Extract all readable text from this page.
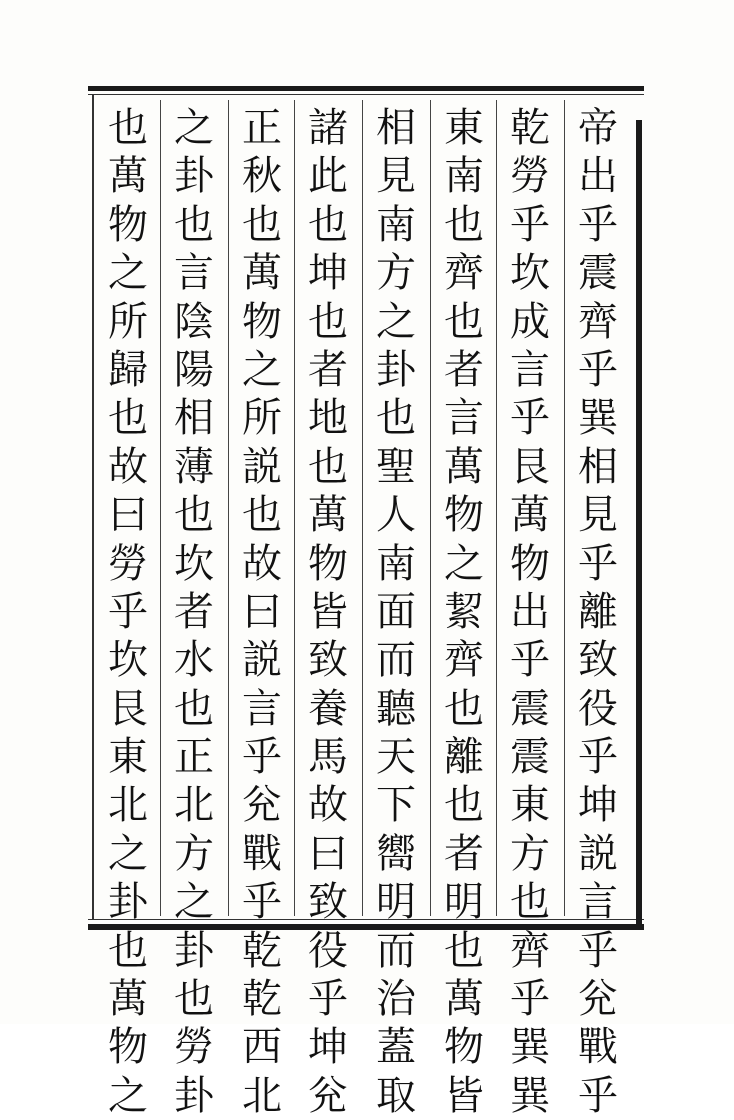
帝
出
乎
震
齊
乎
巽
相
見
乎
離
致
役
乎
坤
説
言
乎
兊
戰
乎
乾
勞
乎
坎
成
言
乎
艮
萬
物
出
乎
震
震
東
方
也
齊
乎
巽
巽
東
南
也
齊
也
者
言
萬
物
之
絜
齊
也
離
也
者
明
也
萬
物
皆
相
見
南
方
之
卦
也
聖
人
南
面
而
聽
天
下
嚮
明
而
治
蓋
取
諸
此
也
坤
也
者
地
也
萬
物
皆
致
養
馬
故
曰
致
役
乎
坤
兊
正
秋
也
萬
物
之
所
説
也
故
曰
説
言
乎
兊
戰
乎
乾
乾
西
北
之
卦
也
言
陰
陽
相
薄
也
坎
者
水
也
正
北
方
之
卦
也
勞
卦
也
萬
物
之
所
歸
也
故
曰
勞
乎
坎
艮
東
北
之
卦
也
萬
物
之
